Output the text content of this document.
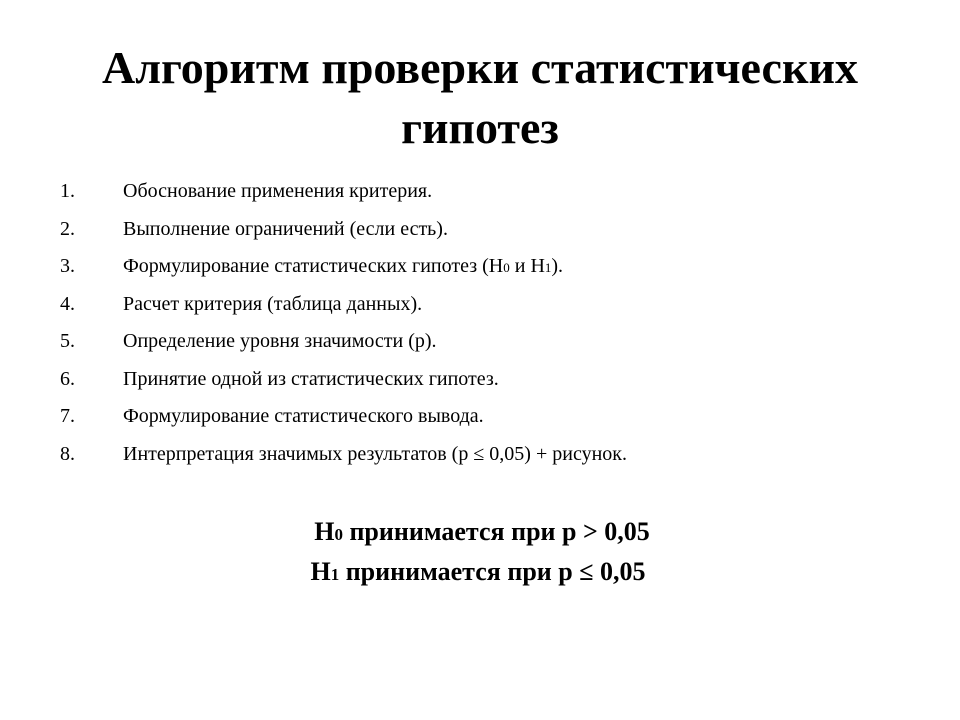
Алгоритм проверки статистических
гипотез
1.	Обоснование применения критерия.
2.	Выполнение ограничений (если есть).
3.	Формулирование статистических гипотез (H0 и H1).
4.	Расчет критерия (таблица данных).
5.	Определение уровня значимости (p).
6.	Принятие одной из статистических гипотез.
7.	Формулирование статистического вывода.
8.	Интерпретация значимых результатов (p ≤ 0,05) + рисунок.
H0 принимается при p > 0,05
H1 принимается при p ≤ 0,05
